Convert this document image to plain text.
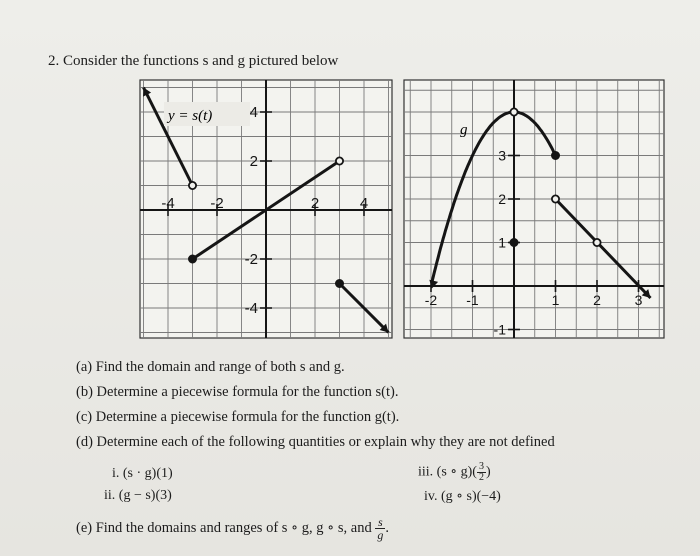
2. Consider the functions s and g pictured below
-4 -2	2	4
4
2
-2
-4
y = s(t)
-2 -1	1 2 3
3
2
1
-1
g
(a) Find the domain and range of both s and g.
(b) Determine a piecewise formula for the function s(t).
(c) Determine a piecewise formula for the function g(t).
(d) Determine each of the following quantities or explain why they are not defined
i. (s · g)(1)
ii. (g − s)(3)
iii. (s ∘ $g)( \frac{3}{2}$ )
iv. (g ∘ s)(−4)
(e) Find the domains and ranges of s ∘ g, g ∘ s, and $\frac{s}{g}$ .
